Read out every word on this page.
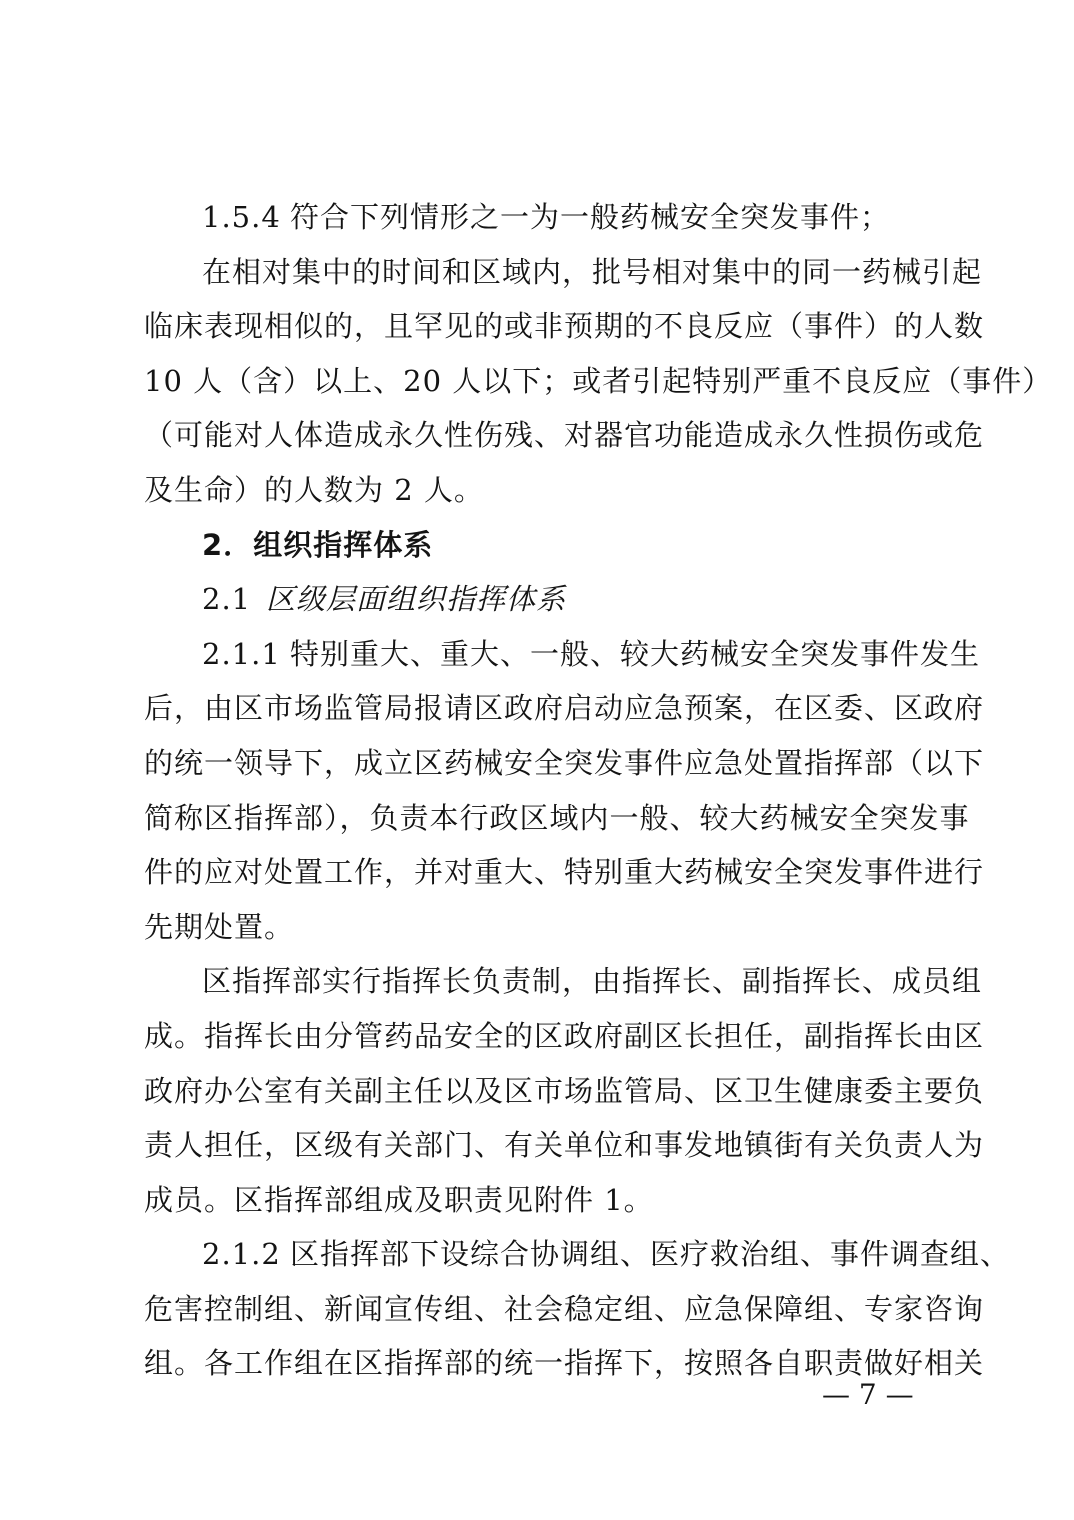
1.5.4 符合下列情形之一为一般药械安全突发事件；
在相对集中的时间和区域内，批号相对集中的同一药械引起
临床表现相似的，且罕见的或非预期的不良反应（事件）的人数
10 人（含）以上、20 人以下；或者引起特别严重不良反应（事件）
（可能对人体造成永久性伤残、对器官功能造成永久性损伤或危
及生命）的人数为 2 人。
2．组织指挥体系
2.1 区级层面组织指挥体系
2.1.1 特别重大、重大、一般、较大药械安全突发事件发生
后，由区市场监管局报请区政府启动应急预案，在区委、区政府
的统一领导下，成立区药械安全突发事件应急处置指挥部（以下
简称区指挥部），负责本行政区域内一般、较大药械安全突发事
件的应对处置工作，并对重大、特别重大药械安全突发事件进行
先期处置。
区指挥部实行指挥长负责制，由指挥长、副指挥长、成员组
成。指挥长由分管药品安全的区政府副区长担任，副指挥长由区
政府办公室有关副主任以及区市场监管局、区卫生健康委主要负
责人担任，区级有关部门、有关单位和事发地镇街有关负责人为
成员。区指挥部组成及职责见附件 1。
2.1.2 区指挥部下设综合协调组、医疗救治组、事件调查组、
危害控制组、新闻宣传组、社会稳定组、应急保障组、专家咨询
组。各工作组在区指挥部的统一指挥下，按照各自职责做好相关
— 7 —
